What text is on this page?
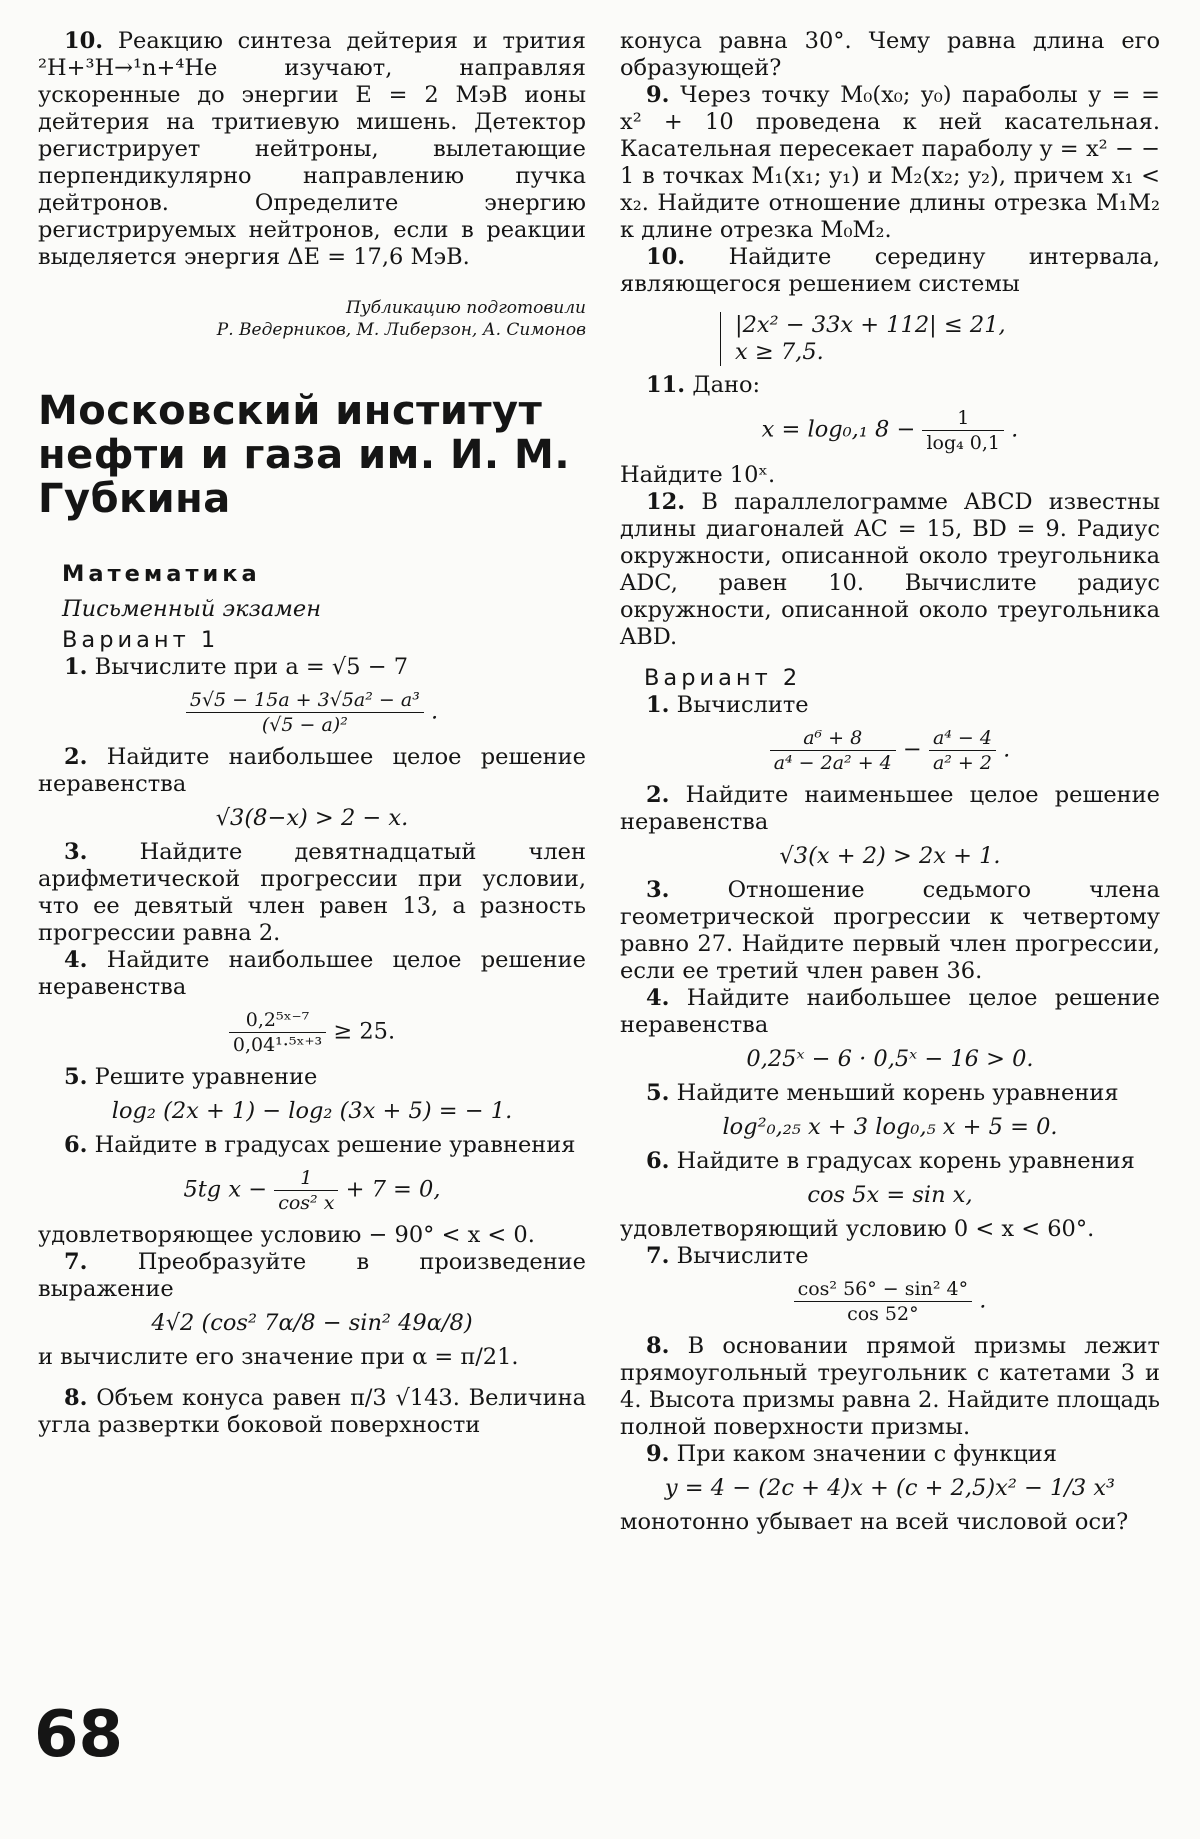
10. Реакцию синтеза дейтерия и трития ²H+³H→¹n+⁴He изучают, направляя ускоренные до энергии E = 2 МэВ ионы дейтерия на тритиевую мишень. Детектор регистрирует нейтроны, вылетающие перпендикулярно направлению пучка дейтронов. Определите энергию регистрируемых нейтронов, если в реакции выделяется энергия ΔE = 17,6 МэВ.

Публикацию подготовили
Р. Ведерников, М. Либерзон, А. Симонов
Московский институт нефти и газа им. И. М. Губкина
Математика
Письменный экзамен
Вариант 1

1. Вычислите при a = √5 − 7

$\frac{\text{5√5 − 15a + 3√5a² − a³}}{\text{(√5 − a)²}}$ .

2. Найдите наибольшее целое решение неравенства

√3(8−x) > 2 − x.

3. Найдите девятнадцатый член арифметической прогрессии при условии, что ее девятый член равен 13, а разность прогрессии равна 2.

4. Найдите наибольшее целое решение неравенства

$\frac{\text{0,2⁵ˣ⁻⁷}}{\text{0,04¹·⁵ˣ⁺³}} \ge 25$.

5. Решите уравнение

log₂ (2x + 1) − log₂ (3x + 5) = − 1.

6. Найдите в градусах решение уравнения

5tg $x - \frac{1}{\text{cos² x}} + 7 = 0$,

удовлетворяющее условию − 90° < x < 0.

7. Преобразуйте в произведение выражение

4√2 (cos² 7α/8 − sin² 49α/8)

и вычислите его значение при α = π/21.

8. Объем конуса равен π/3 √143. Величина угла развертки боковой поверхности

конуса равна 30°. Чему равна длина его образующей?

9. Через точку M₀(x₀; y₀) параболы y = = x² + 10 проведена к ней касательная. Касательная пересекает параболу y = x² − − 1 в точках M₁(x₁; y₁) и M₂(x₂; y₂), причем x₁ < x₂. Найдите отношение длины отрезка M₁M₂ к длине отрезка M₀M₂.

10. Найдите середину интервала, являющегося решением системы

|2x² − 33x + 112| ≤ 21,
x ≥ 7,5.

11. Дано:

x = log₀,₁ $8 - \frac{1}{\text{log₄ 0,1}}$ .

Найдите 10ˣ.

12. В параллелограмме ABCD известны длины диагоналей AC = 15, BD = 9. Радиус окружности, описанной около треугольника ADC, равен 10. Вычислите радиус окружности, описанной около треугольника ABD.

Вариант 2

1. Вычислите

$\frac{\text{a⁶ + 8}}{\text{a⁴ − 2a² + 4}} - \frac{\text{a⁴ − 4}}{\text{a² + 2}}$ .

2. Найдите наименьшее целое решение неравенства

√3(x + 2) > 2x + 1.

3.	Отношение седьмого члена геометрической прогрессии к четвертому равно 27. Найдите первый член прогрессии, если ее третий член равен 36.

4. Найдите наибольшее целое решение неравенства

0,25ˣ − 6 · 0,5ˣ − 16 > 0.

5. Найдите меньший корень уравнения

log²₀,₂₅ x + 3 log₀,₅ x + 5 = 0.

6. Найдите в градусах корень уравнения

cos 5x = sin x,

удовлетворяющий условию 0 < x < 60°.

7. Вычислите

$\frac{\text{cos² 56° − sin² 4°}}{\cos 52^\circ}$ .

8. В основании прямой призмы лежит прямоугольный треугольник с катетами 3 и 4. Высота призмы равна 2. Найдите площадь полной поверхности призмы.

9. При каком значении c функция

y = 4 − (2c + 4)x + (c + 2,5)x² − 1/3 x³

монотонно убывает на всей числовой оси?

68
